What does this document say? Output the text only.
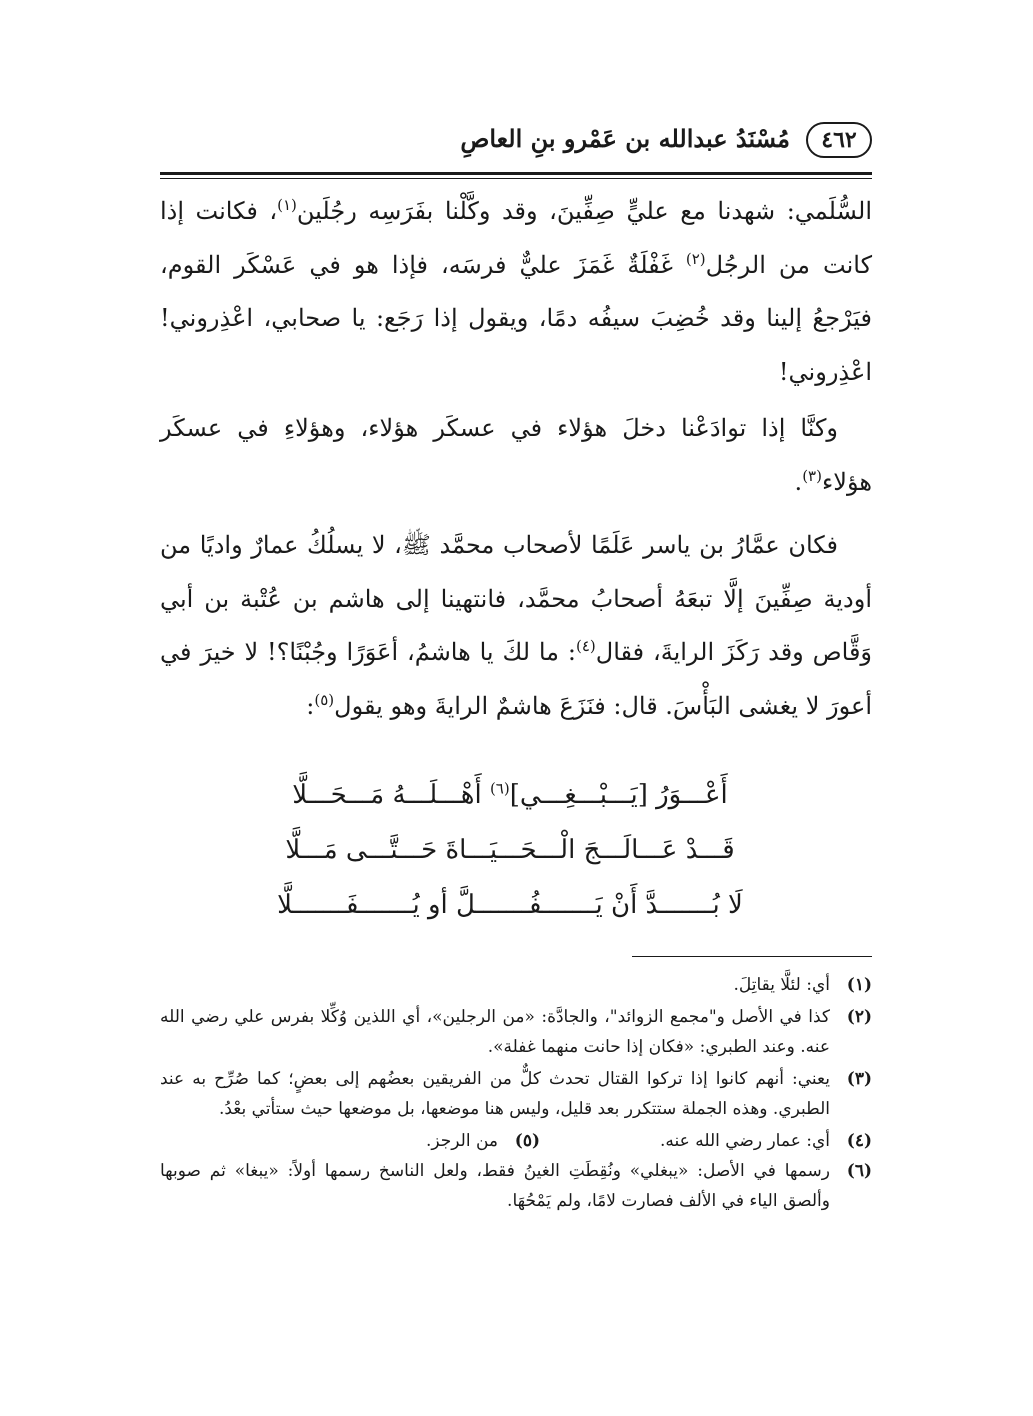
٤٦٢
مُسْنَدُ عبدالله بن عَمْرو بنِ العاصِ

السُّلَمي: شهدنا مع عليٍّ صِفِّينَ، وقد وكَّلْنا بفَرَسِه رجُلَين$^{(١)}$، فكانت إذا كانت من الرجُل$^{(٢)}$ غَفْلَةٌ غَمَزَ عليٌّ فرسَه، فإذا هو في عَسْكَر القوم، فيَرْجعُ إلينا وقد خُضِبَ سيفُه دمًا، ويقول إذا رَجَع: يا صحابي، اعْذِروني! اعْذِروني!

وكنَّا إذا توادَعْنا دخلَ هؤلاء في عسكَر هؤلاء، وهؤلاءِ في عسكَر هؤلاء$^{(٣)}$.

فكان عمَّارُ بن ياسر عَلَمًا لأصحاب محمَّد ﷺ، لا يسلُكُ عمارٌ واديًا من أودية صِفِّينَ إلَّا تبعَهُ أصحابُ محمَّد، فانتهينا إلى هاشم بن عُتْبة بن أبي وَقَّاص وقد رَكَزَ الرايةَ، فقال$^{(٤)}$: ما لكَ يا هاشمُ، أعَوَرًا وجُبْنًا؟! لا خيرَ في أعورَ لا يغشى البَأْسَ. قال: فنَزَعَ هاشمٌ الرايةَ وهو يقول$^{(٥)}$:

أَعْـــوَرُ [يَـــبْـــغِـــي]$^{(٦)}$ أَهْـــلَـــهُ مَـــحَـــلَّا
قَـــدْ عَـــالَـــجَ الْـــحَـــيَـــاةَ حَـــتَّـــى مَـــلَّا
لَا بُـــــــدَّ أَنْ يَـــــــفُـــــــلَّ أو يُـــــــفَـــــــلَّا
(١)
أي: لئلَّا يقاتِلَ.
(٢)
كذا في الأصل و"مجمع الزوائد"، والجادَّة: «من الرجلين»، أي اللذين وُكِّلا بفرس علي رضي الله عنه. وعند الطبري: «فكان إذا حانت منهما غفلة».
(٣)
يعني: أنهم كانوا إذا تركوا القتال تحدث كلٌّ من الفريقين بعضُهم إلى بعضٍ؛ كما صُرِّح به عند الطبري. وهذه الجملة ستتكرر بعد قليل، وليس هنا موضعها، بل موضعها حيث ستأتي بعْدُ.
(٤)
أي: عمار رضي الله عنه.
(٥)
من الرجز.
(٦)
رسمها في الأصل: «يبغلي» ونُقِطَتِ الغينُ فقط، ولعل الناسخ رسمها أولاً: «يبغا» ثم صوبها وألصق الياء في الألف فصارت لامًا، ولم يَمْحُهَا.
